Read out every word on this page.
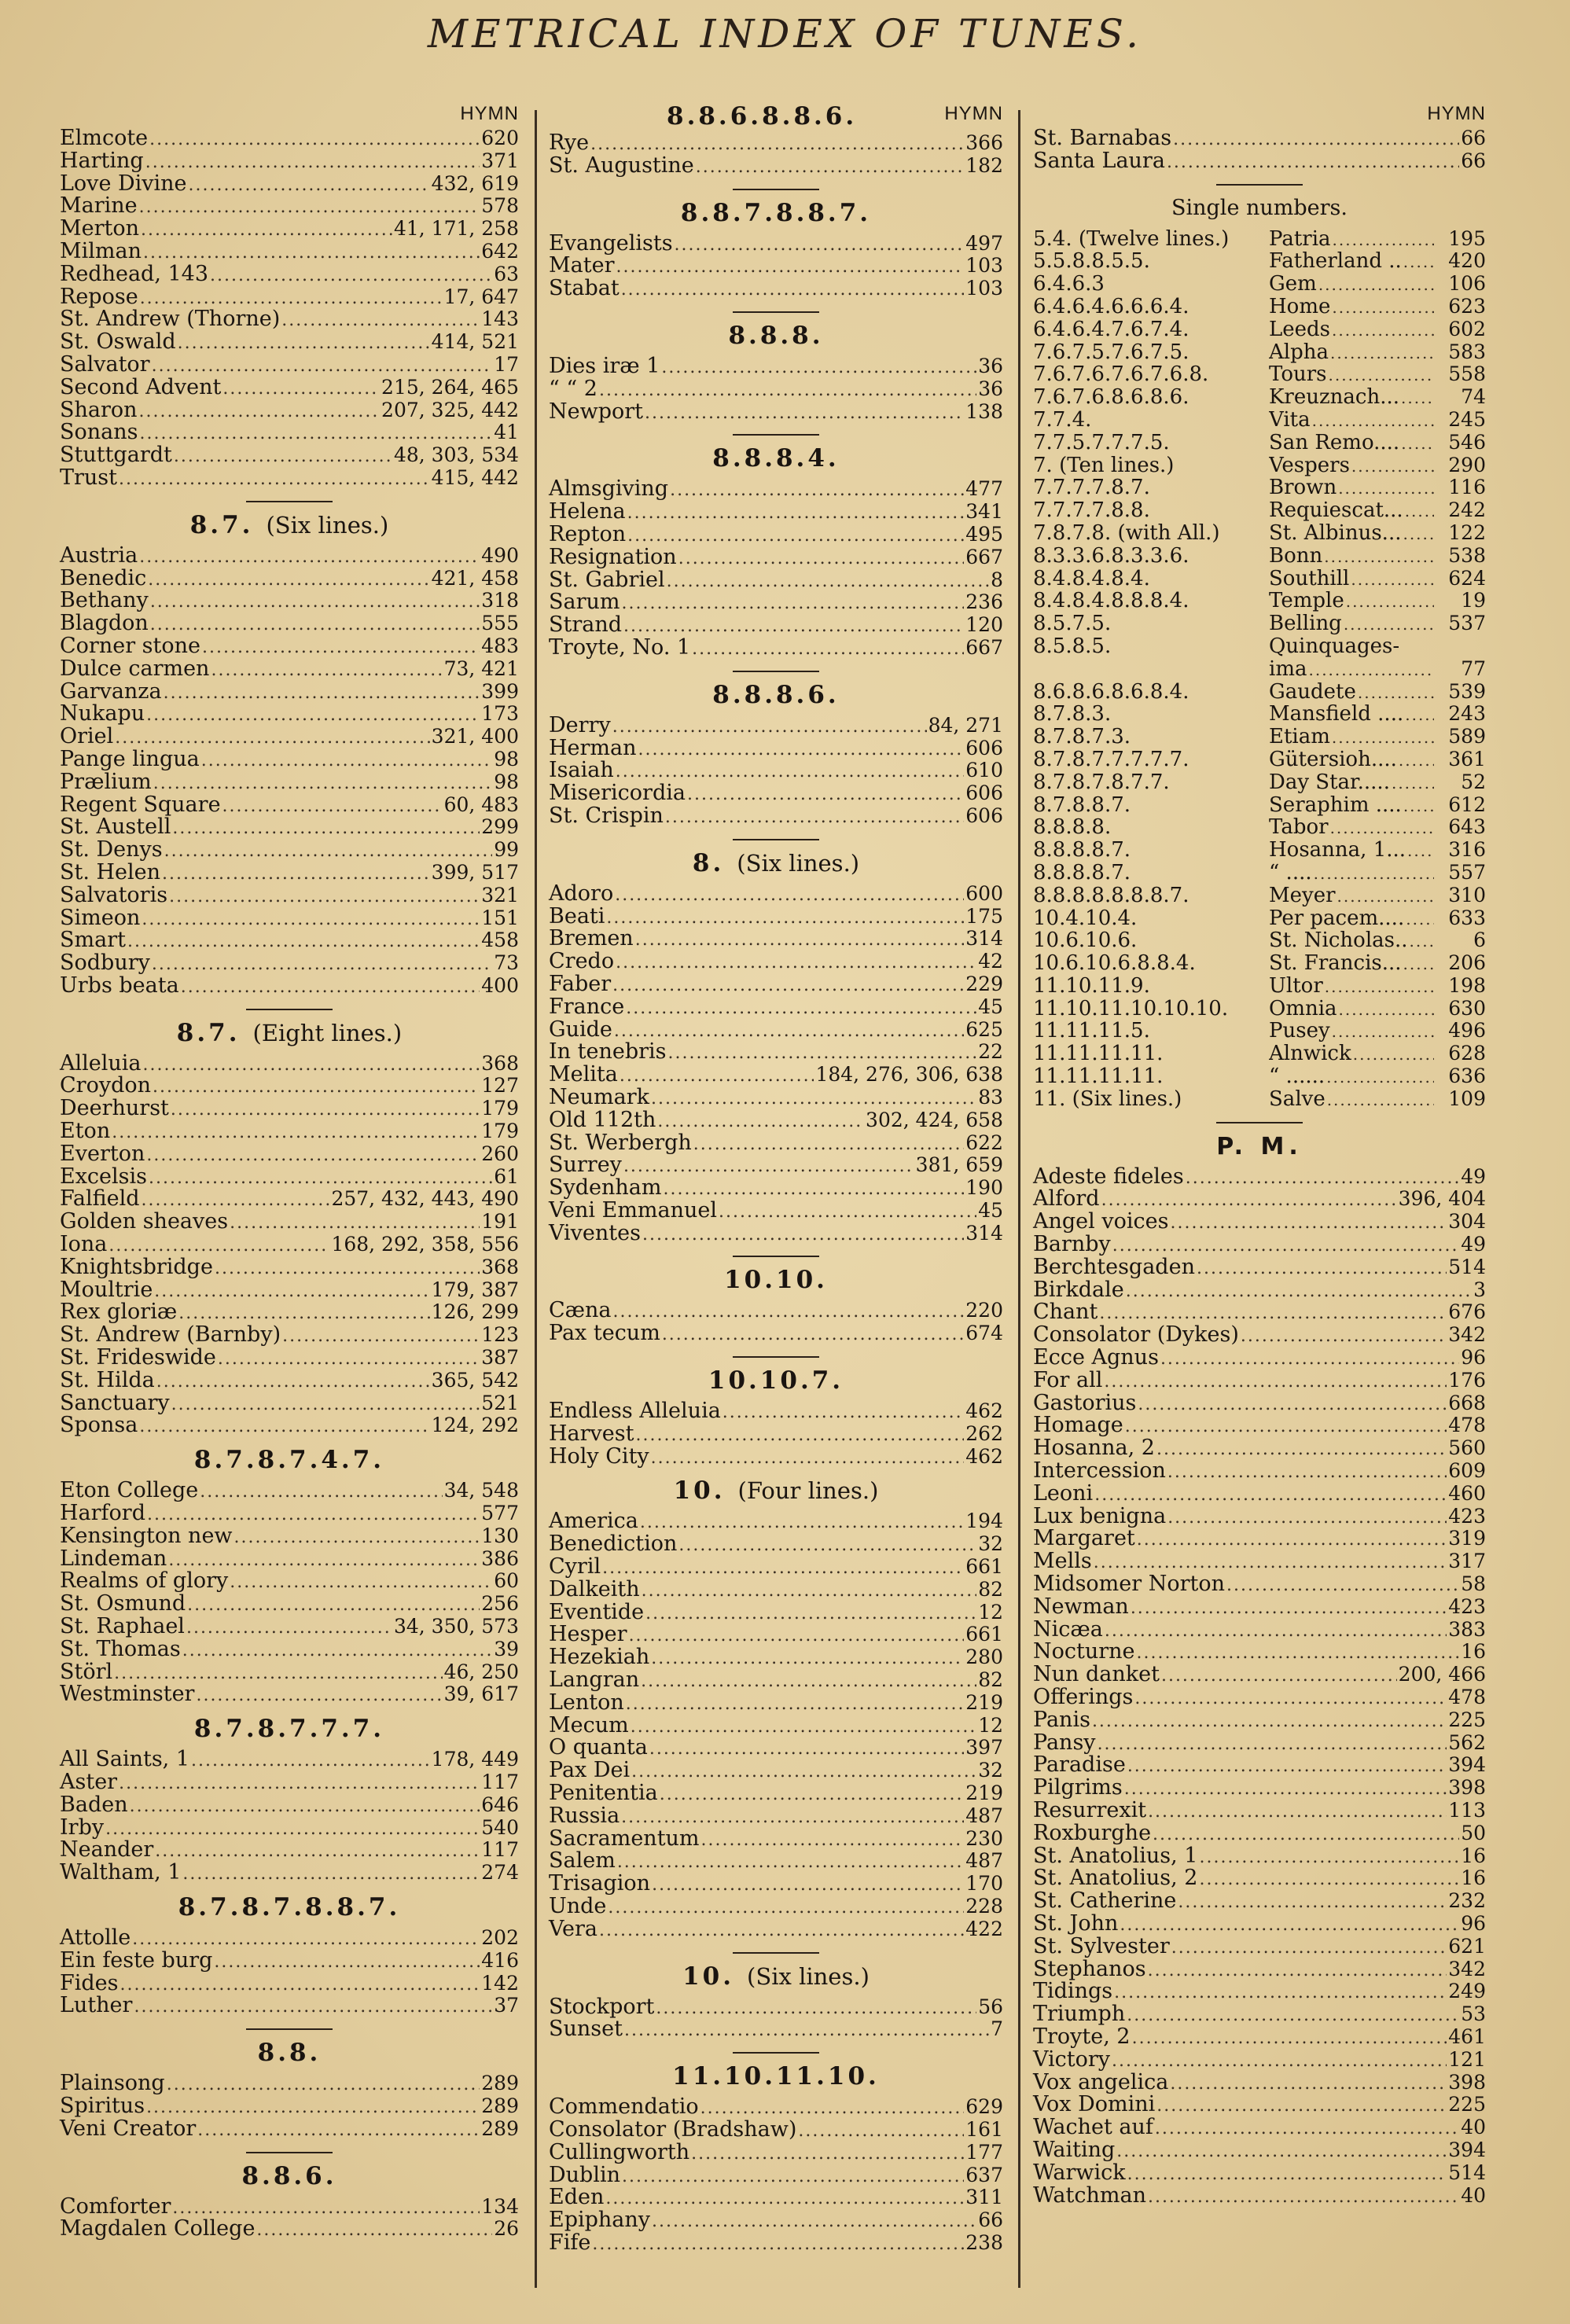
METRICAL INDEX OF TUNES.
HYMN
Elmcote .....	620
Harting .....	371
Love Divine .....	432, 619
Marine .....	578
Merton .....	41, 171, 258
Milman .....	642
Redhead, 143 .....	63
Repose .....	17, 647
St. Andrew (Thorne) .....	143
St. Oswald .....	414, 521
Salvator .....	17
Second Advent .....	215, 264, 465
Sharon .....	207, 325, 442
Sonans .....	41
Stuttgardt .....	48, 303, 534
Trust .....	415, 442
8.7. (Six lines.)
Austria .....	490
Benedic .....	421, 458
Bethany .....	318
Blagdon .....	555
Corner stone .....	483
Dulce carmen .....	73, 421
Garvanza .....	399
Nukapu .....	173
Oriel .....	321, 400
Pange lingua .....	98
Prælium .....	98
Regent Square .....	60, 483
St. Austell .....	299
St. Denys .....	99
St. Helen .....	399, 517
Salvatoris .....	321
Simeon .....	151
Smart .....	458
Sodbury .....	73
Urbs beata .....	400
8.7. (Eight lines.)
Alleluia .....	368
Croydon .....	127
Deerhurst .....	179
Eton .....	179
Everton .....	260
Excelsis .....	61
Falfield .....	257, 432, 443, 490
Golden sheaves .....	191
Iona .....	168, 292, 358, 556
Knightsbridge .....	368
Moultrie .....	179, 387
Rex gloriæ .....	126, 299
St. Andrew (Barnby) .....	123
St. Frideswide .....	387
St. Hilda .....	365, 542
Sanctuary .....	521
Sponsa .....	124, 292
8.7.8.7.4.7.
Eton College .....	34, 548
Harford .....	577
Kensington new .....	130
Lindeman .....	386
Realms of glory .....	60
St. Osmund .....	256
St. Raphael .....	34, 350, 573
St. Thomas .....	39
Störl .....	46, 250
Westminster .....	39, 617
8.7.8.7.7.7.
All Saints, 1 .....	178, 449
Aster .....	117
Baden .....	646
Irby .....	540
Neander .....	117
Waltham, 1 .....	274
8.7.8.7.8.8.7.
Attolle .....	202
Ein feste burg .....	416
Fides .....	142
Luther .....	37
8.8.
Plainsong .....	289
Spiritus .....	289
Veni Creator .....	289
8.8.6.
Comforter .....	134
Magdalen College .....	26
HYMN
8.8.6.8.8.6.
Rye .....	366
St. Augustine .....	182
8.8.7.8.8.7.
Evangelists .....	497
Mater .....	103
Stabat .....	103
8.8.8.
Dies iræ 1 .....	36
“ “ 2 .....	36
Newport .....	138
8.8.8.4.
Almsgiving .....	477
Helena .....	341
Repton .....	495
Resignation .....	667
St. Gabriel .....	8
Sarum .....	236
Strand .....	120
Troyte, No. 1 .....	667
8.8.8.6.
Derry .....	84, 271
Herman .....	606
Isaiah .....	610
Misericordia .....	606
St. Crispin .....	606
8. (Six lines.)
Adoro .....	600
Beati .....	175
Bremen .....	314
Credo .....	42
Faber .....	229
France .....	45
Guide .....	625
In tenebris .....	22
Melita .....	184, 276, 306, 638
Neumark .....	83
Old 112th .....	302, 424, 658
St. Werbergh .....	622
Surrey .....	381, 659
Sydenham .....	190
Veni Emmanuel .....	45
Viventes .....	314
10.10.
Cæna .....	220
Pax tecum .....	674
10.10.7.
Endless Alleluia .....	462
Harvest .....	262
Holy City .....	462
10. (Four lines.)
America .....	194
Benediction .....	32
Cyril .....	661
Dalkeith .....	82
Eventide .....	12
Hesper .....	661
Hezekiah .....	280
Langran .....	82
Lenton .....	219
Mecum .....	12
O quanta .....	397
Pax Dei .....	32
Penitentia .....	219
Russia .....	487
Sacramentum .....	230
Salem .....	487
Trisagion .....	170
Unde .....	228
Vera .....	422
10. (Six lines.)
Stockport .....	56
Sunset .....	7
11.10.11.10.
Commendatio .....	629
Consolator (Bradshaw) .....	161
Cullingworth .....	177
Dublin .....	637
Eden .....	311
Epiphany .....	66
Fife .....	238
HYMN
St. Barnabas .....	66
Santa Laura .....	66
Single numbers.
5.4. (Twelve lines.)	Patria .....	195
5.5.8.8.5.5.	Fatherland .. .....	420
6.4.6.3	Gem .....	106
6.4.6.4.6.6.6.4.	Home .....	623
6.4.6.4.7.6.7.4.	Leeds .....	602
7.6.7.5.7.6.7.5.	Alpha .....	583
7.6.7.6.7.6.7.6.8.	Tours .....	558
7.6.7.6.8.6.8.6.	Kreuznach... .....	74
7.7.4.	Vita .....	245
7.7.5.7.7.7.5.	San Remo.... .....	546
7. (Ten lines.)	Vespers .....	290
7.7.7.7.8.7.	Brown .....	116
7.7.7.7.8.8.	Requiescat... .....	242
7.8.7.8. (with All.)	St. Albinus... .....	122
8.3.3.6.8.3.3.6.	Bonn .....	538
8.4.8.4.8.4.	Southill .....	624
8.4.8.4.8.8.8.4.	Temple .....	19
8.5.7.5.	Belling .....	537
8.5.8.5.	Quinquages-
ima .....	77
8.6.8.6.8.6.8.4.	Gaudete .....	539
8.7.8.3.	Mansfield .... .....	243
8.7.8.7.3.	Etiam .....	589
8.7.8.7.7.7.7.7.	Gütersioh.... .....	361
8.7.8.7.8.7.7.	Day Star..... .....	52
8.7.8.8.7.	Seraphim .... .....	612
8.8.8.8.	Tabor .....	643
8.8.8.8.7.	Hosanna, 1... .....	316
8.8.8.8.7.	“ .... .....	557
8.8.8.8.8.8.8.7.	Meyer .....	310
10.4.10.4.	Per pacem.... .....	633
10.6.10.6.	St. Nicholas.. .....	6
10.6.10.6.8.8.4.	St. Francis... .....	206
11.10.11.9.	Ultor .....	198
11.10.11.10.10.10.	Omnia .....	630
11.11.11.5.	Pusey .....	496
11.11.11.11.	Alnwick .....	628
11.11.11.11.	“ ...... .....	636
11. (Six lines.)	Salve .....	109
P. M.
Adeste fideles .....	49
Alford .....	396, 404
Angel voices .....	304
Barnby .....	49
Berchtesgaden .....	514
Birkdale .....	3
Chant .....	676
Consolator (Dykes) .....	342
Ecce Agnus .....	96
For all .....	176
Gastorius .....	668
Homage .....	478
Hosanna, 2 .....	560
Intercession .....	609
Leoni .....	460
Lux benigna .....	423
Margaret .....	319
Mells .....	317
Midsomer Norton .....	58
Newman .....	423
Nicæa .....	383
Nocturne .....	16
Nun danket .....	200, 466
Offerings .....	478
Panis .....	225
Pansy .....	562
Paradise .....	394
Pilgrims .....	398
Resurrexit .....	113
Roxburghe .....	50
St. Anatolius, 1 .....	16
St. Anatolius, 2 .....	16
St. Catherine .....	232
St. John .....	96
St. Sylvester .....	621
Stephanos .....	342
Tidings .....	249
Triumph .....	53
Troyte, 2 .....	461
Victory .....	121
Vox angelica .....	398
Vox Domini .....	225
Wachet auf .....	40
Waiting .....	394
Warwick .....	514
Watchman .....	40
